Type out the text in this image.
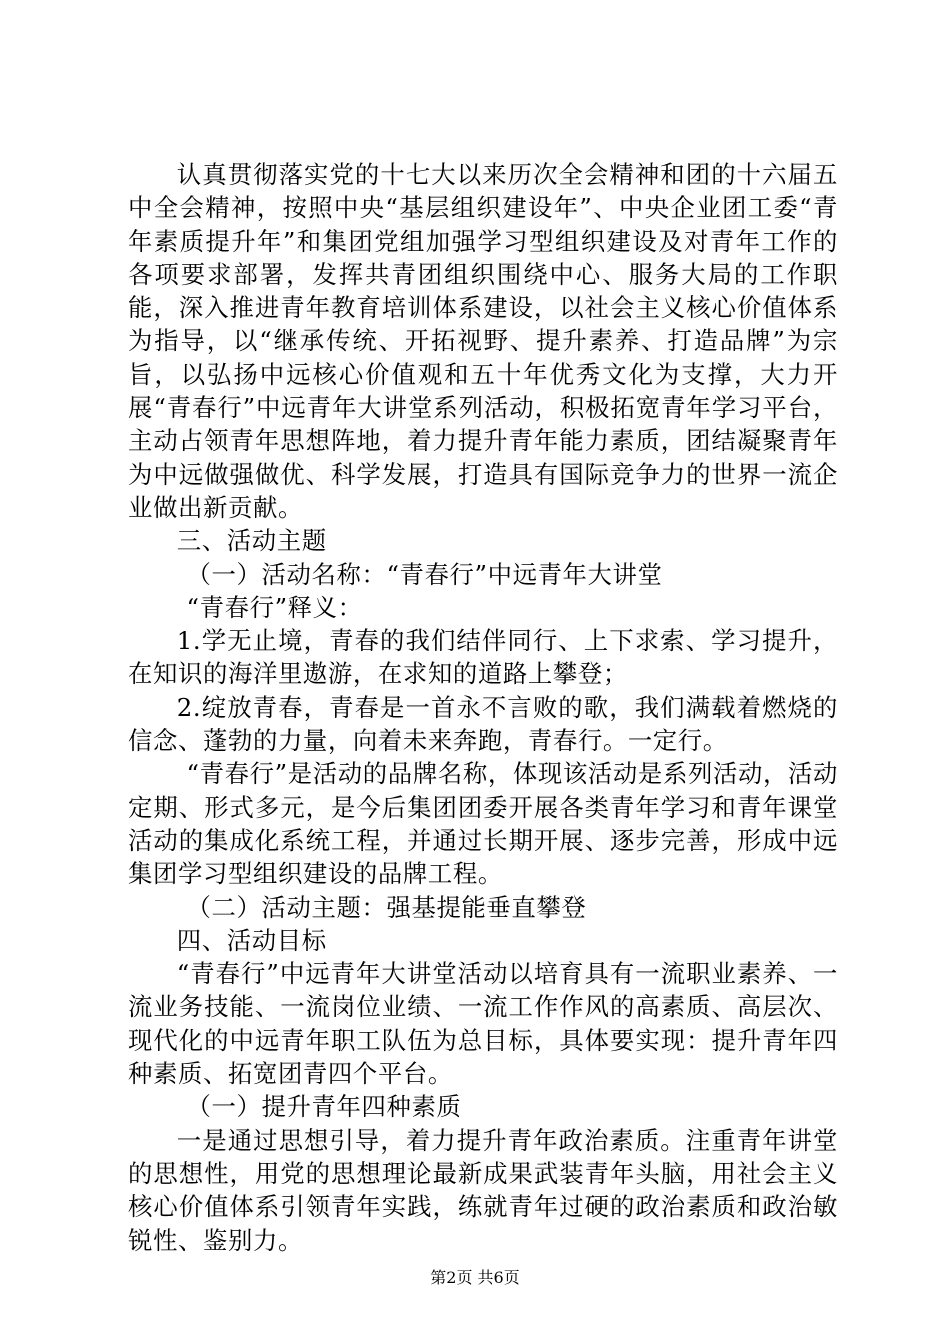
认真贯彻落实党的十七大以来历次全会精神和团的十六届五中全会精神，按照中央“基层组织建设年”、中央企业团工委“青年素质提升年”和集团党组加强学习型组织建设及对青年工作的各项要求部署，发挥共青团组织围绕中心、服务大局的工作职能，深入推进青年教育培训体系建设，以社会主义核心价值体系为指导，以“继承传统、开拓视野、提升素养、打造品牌”为宗旨，以弘扬中远核心价值观和五十年优秀文化为支撑，大力开展“青春行”中远青年大讲堂系列活动，积极拓宽青年学习平台，主动占领青年思想阵地，着力提升青年能力素质，团结凝聚青年为中远做强做优、科学发展，打造具有国际竞争力的世界一流企业做出新贡献。

三、活动主题

（一）活动名称：“青春行”中远青年大讲堂

“青春行”释义：

1.学无止境，青春的我们结伴同行、上下求索、学习提升，在知识的海洋里遨游，在求知的道路上攀登；

2.绽放青春，青春是一首永不言败的歌，我们满载着燃烧的信念、蓬勃的力量，向着未来奔跑，青春行。一定行。

“青春行”是活动的品牌名称，体现该活动是系列活动，活动定期、形式多元，是今后集团团委开展各类青年学习和青年课堂活动的集成化系统工程，并通过长期开展、逐步完善，形成中远集团学习型组织建设的品牌工程。

（二）活动主题：强基提能垂直攀登

四、活动目标

“青春行”中远青年大讲堂活动以培育具有一流职业素养、一流业务技能、一流岗位业绩、一流工作作风的高素质、高层次、现代化的中远青年职工队伍为总目标，具体要实现：提升青年四种素质、拓宽团青四个平台。

（一）提升青年四种素质

一是通过思想引导，着力提升青年政治素质。注重青年讲堂的思想性，用党的思想理论最新成果武装青年头脑，用社会主义核心价值体系引领青年实践，练就青年过硬的政治素质和政治敏锐性、鉴别力。

第2页 共6页
